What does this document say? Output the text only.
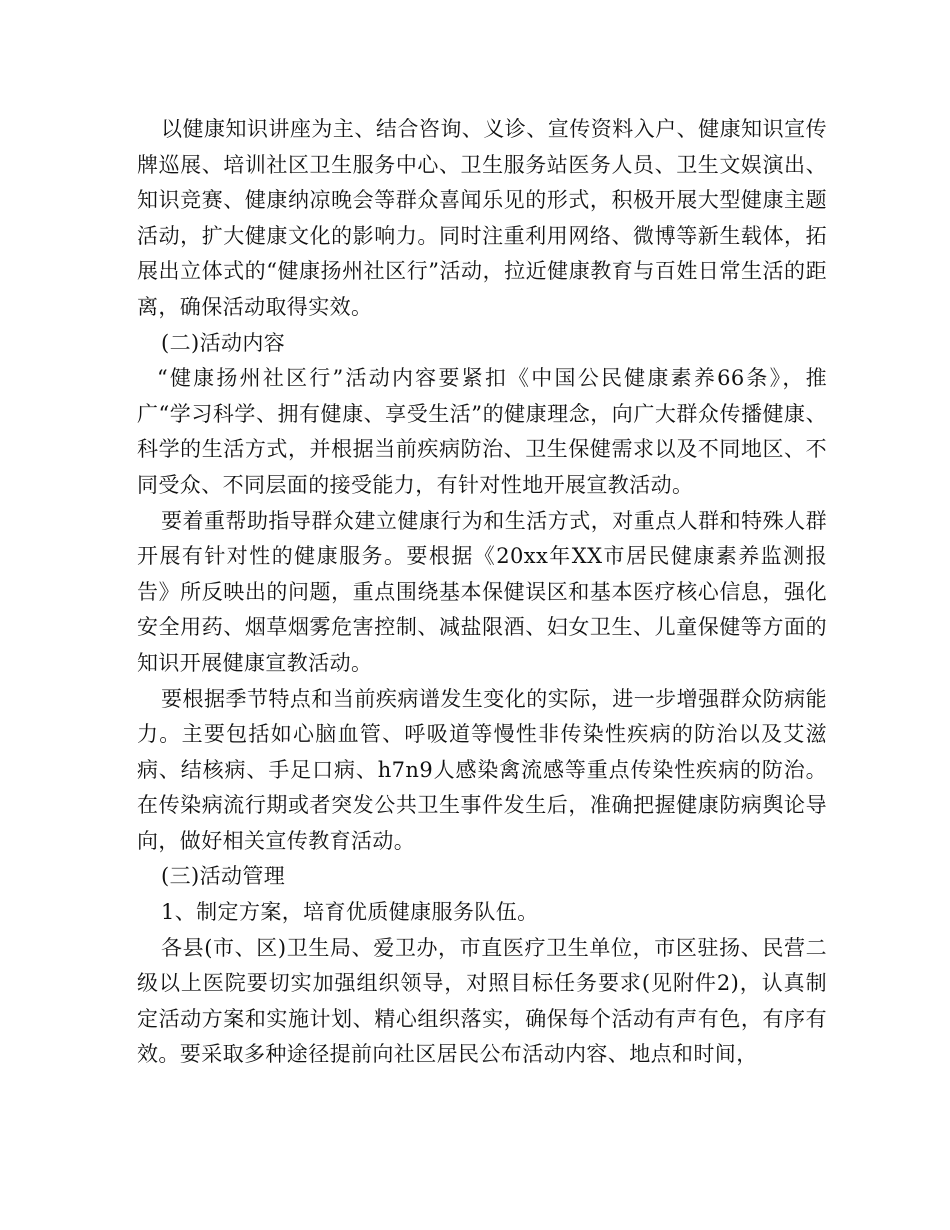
以健康知识讲座为主、结合咨询、义诊、宣传资料入户、健康知识宣传牌巡展、培训社区卫生服务中心、卫生服务站医务人员、卫生文娱演出、知识竞赛、健康纳凉晚会等群众喜闻乐见的形式，积极开展大型健康主题活动，扩大健康文化的影响力。同时注重利用网络、微博等新生载体，拓展出立体式的“健康扬州社区行”活动，拉近健康教育与百姓日常生活的距离，确保活动取得实效。

(二)活动内容

“健康扬州社区行”活动内容要紧扣《中国公民健康素养66条》，推广“学习科学、拥有健康、享受生活”的健康理念，向广大群众传播健康、科学的生活方式，并根据当前疾病防治、卫生保健需求以及不同地区、不同受众、不同层面的接受能力，有针对性地开展宣教活动。

要着重帮助指导群众建立健康行为和生活方式，对重点人群和特殊人群开展有针对性的健康服务。要根据《20xx年XX市居民健康素养监测报告》所反映出的问题，重点围绕基本保健误区和基本医疗核心信息，强化安全用药、烟草烟雾危害控制、减盐限酒、妇女卫生、儿童保健等方面的知识开展健康宣教活动。

要根据季节特点和当前疾病谱发生变化的实际，进一步增强群众防病能力。主要包括如心脑血管、呼吸道等慢性非传染性疾病的防治以及艾滋病、结核病、手足口病、h7n9人感染禽流感等重点传染性疾病的防治。在传染病流行期或者突发公共卫生事件发生后，准确把握健康防病舆论导向，做好相关宣传教育活动。

(三)活动管理

1、制定方案，培育优质健康服务队伍。

各县(市、区)卫生局、爱卫办，市直医疗卫生单位，市区驻扬、民营二级以上医院要切实加强组织领导，对照目标任务要求(见附件2)，认真制定活动方案和实施计划、精心组织落实，确保每个活动有声有色，有序有效。要采取多种途径提前向社区居民公布活动内容、地点和时间，
